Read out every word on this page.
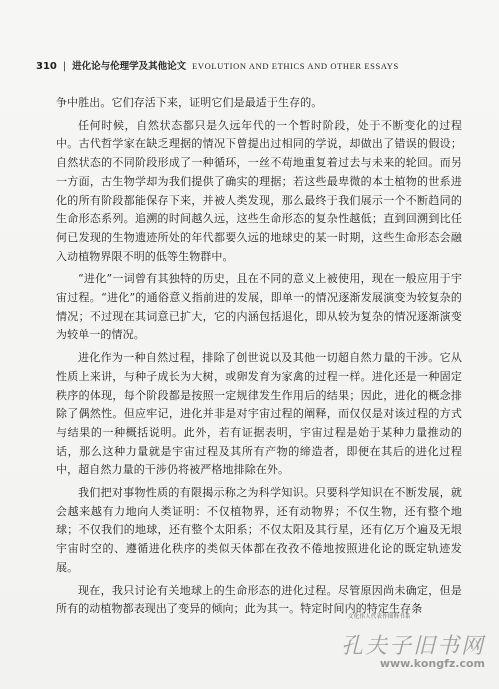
310 | 进化论与伦理学及其他论文 EVOLUTION AND ETHICS AND OTHER ESSAYS

争中胜出。它们存活下来，证明它们是最适于生存的。

任何时候，自然状态都只是久远年代的一个暂时阶段，处于不断变化的过程中。古代哲学家在缺乏理据的情况下曾提出过相同的学说，却做出了错误的假设；自然状态的不同阶段形成了一种循环，一丝不苟地重复着过去与未来的轮回。而另一方面，古生物学却为我们提供了确实的理据；若这些最卑微的本土植物的世系进化的所有阶段都能保存下来，并被人类发现，那么最终于我们展示一个不断趋同的生命形态系列。追溯的时间越久远，这些生命形态的复杂性越低；直到回溯到比任何已发现的生物遗迹所处的年代都要久远的地球史的某一时期，这些生命形态会融入动植物界限不明的低等生物群中。

“进化”一词曾有其独特的历史，且在不同的意义上被使用，现在一般应用于宇宙过程。“进化”的通俗意义指前进的发展，即单一的情况逐渐发展演变为较复杂的情况；不过现在其词意已扩大，它的内涵包括退化，即从较为复杂的情况逐渐演变为较单一的情况。

进化作为一种自然过程，排除了创世说以及其他一切超自然力量的干涉。它从性质上来讲，与种子成长为大树，或卵发育为家禽的过程一样。进化还是一种固定秩序的体现，每个阶段都是按照一定规律发生作用后的结果；因此，进化的概念排除了偶然性。但应牢记，进化并非是对宇宙过程的阐释，而仅仅是对该过程的方式与结果的一种概括说明。此外，若有证据表明，宇宙过程是始于某种力量推动的话，那么这种力量就是宇宙过程及其所有产物的缔造者，即便在其后的进化过程中，超自然力量的干涉仍将被严格地排除在外。

我们把对事物性质的有限揭示称之为科学知识。只要科学知识在不断发展，就会越来越有力地向人类证明：不仅植物界，还有动物界；不仅生物，还有整个地球；不仅我们的地球，还有整个太阳系；不仅太阳及其行星，还有亿万个遍及无垠宇宙时空的、遵循进化秩序的类似天体都在孜孜不倦地按照进化论的既定轨迹发展。

现在，我只讨论有关地球上的生命形态的进化过程。尽管原因尚未确定，但是所有的动植物都表现出了变异的倾向；此为其一。特定时间内的特定生存条

文化伟人代表作图释书系
孔夫子旧书网
www.kongfz.com
